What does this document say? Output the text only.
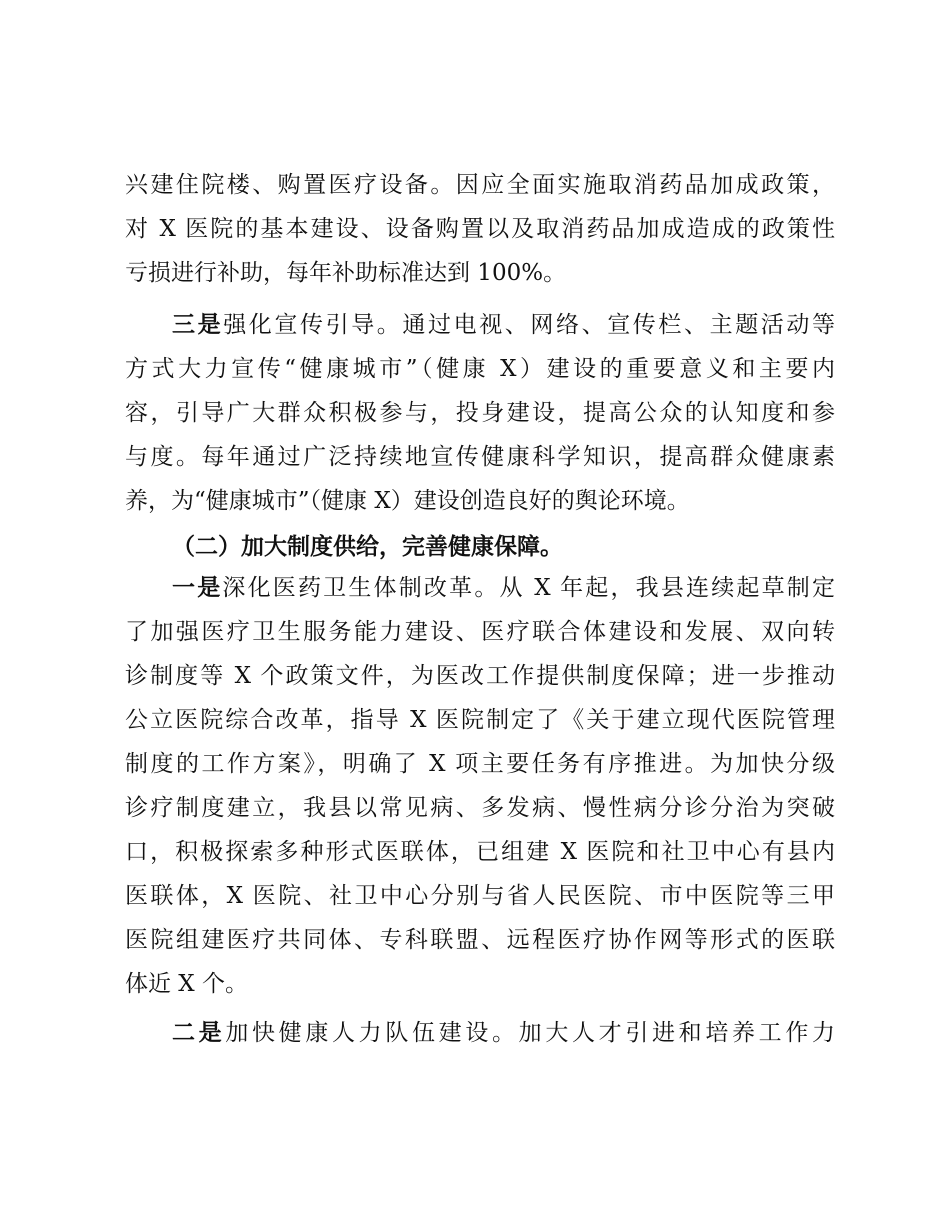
兴建住院楼、购置医疗设备。因应全面实施取消药品加成政策，
对 X 医院的基本建设、设备购置以及取消药品加成造成的政策性
亏损进行补助，每年补助标准达到 100%。
三是强化宣传引导。通过电视、网络、宣传栏、主题活动等
方式大力宣传“健康城市”（健康 X）建设的重要意义和主要内
容，引导广大群众积极参与，投身建设，提高公众的认知度和参
与度。每年通过广泛持续地宣传健康科学知识，提高群众健康素
养，为“健康城市”（健康 X）建设创造良好的舆论环境。
（二）加大制度供给，完善健康保障。
一是深化医药卫生体制改革。从 X 年起，我县连续起草制定
了加强医疗卫生服务能力建设、医疗联合体建设和发展、双向转
诊制度等 X 个政策文件，为医改工作提供制度保障；进一步推动
公立医院综合改革，指导 X 医院制定了《关于建立现代医院管理
制度的工作方案》，明确了 X 项主要任务有序推进。为加快分级
诊疗制度建立，我县以常见病、多发病、慢性病分诊分治为突破
口，积极探索多种形式医联体，已组建 X 医院和社卫中心有县内
医联体，X 医院、社卫中心分别与省人民医院、市中医院等三甲
医院组建医疗共同体、专科联盟、远程医疗协作网等形式的医联
体近 X 个。
二是加快健康人力队伍建设。加大人才引进和培养工作力
